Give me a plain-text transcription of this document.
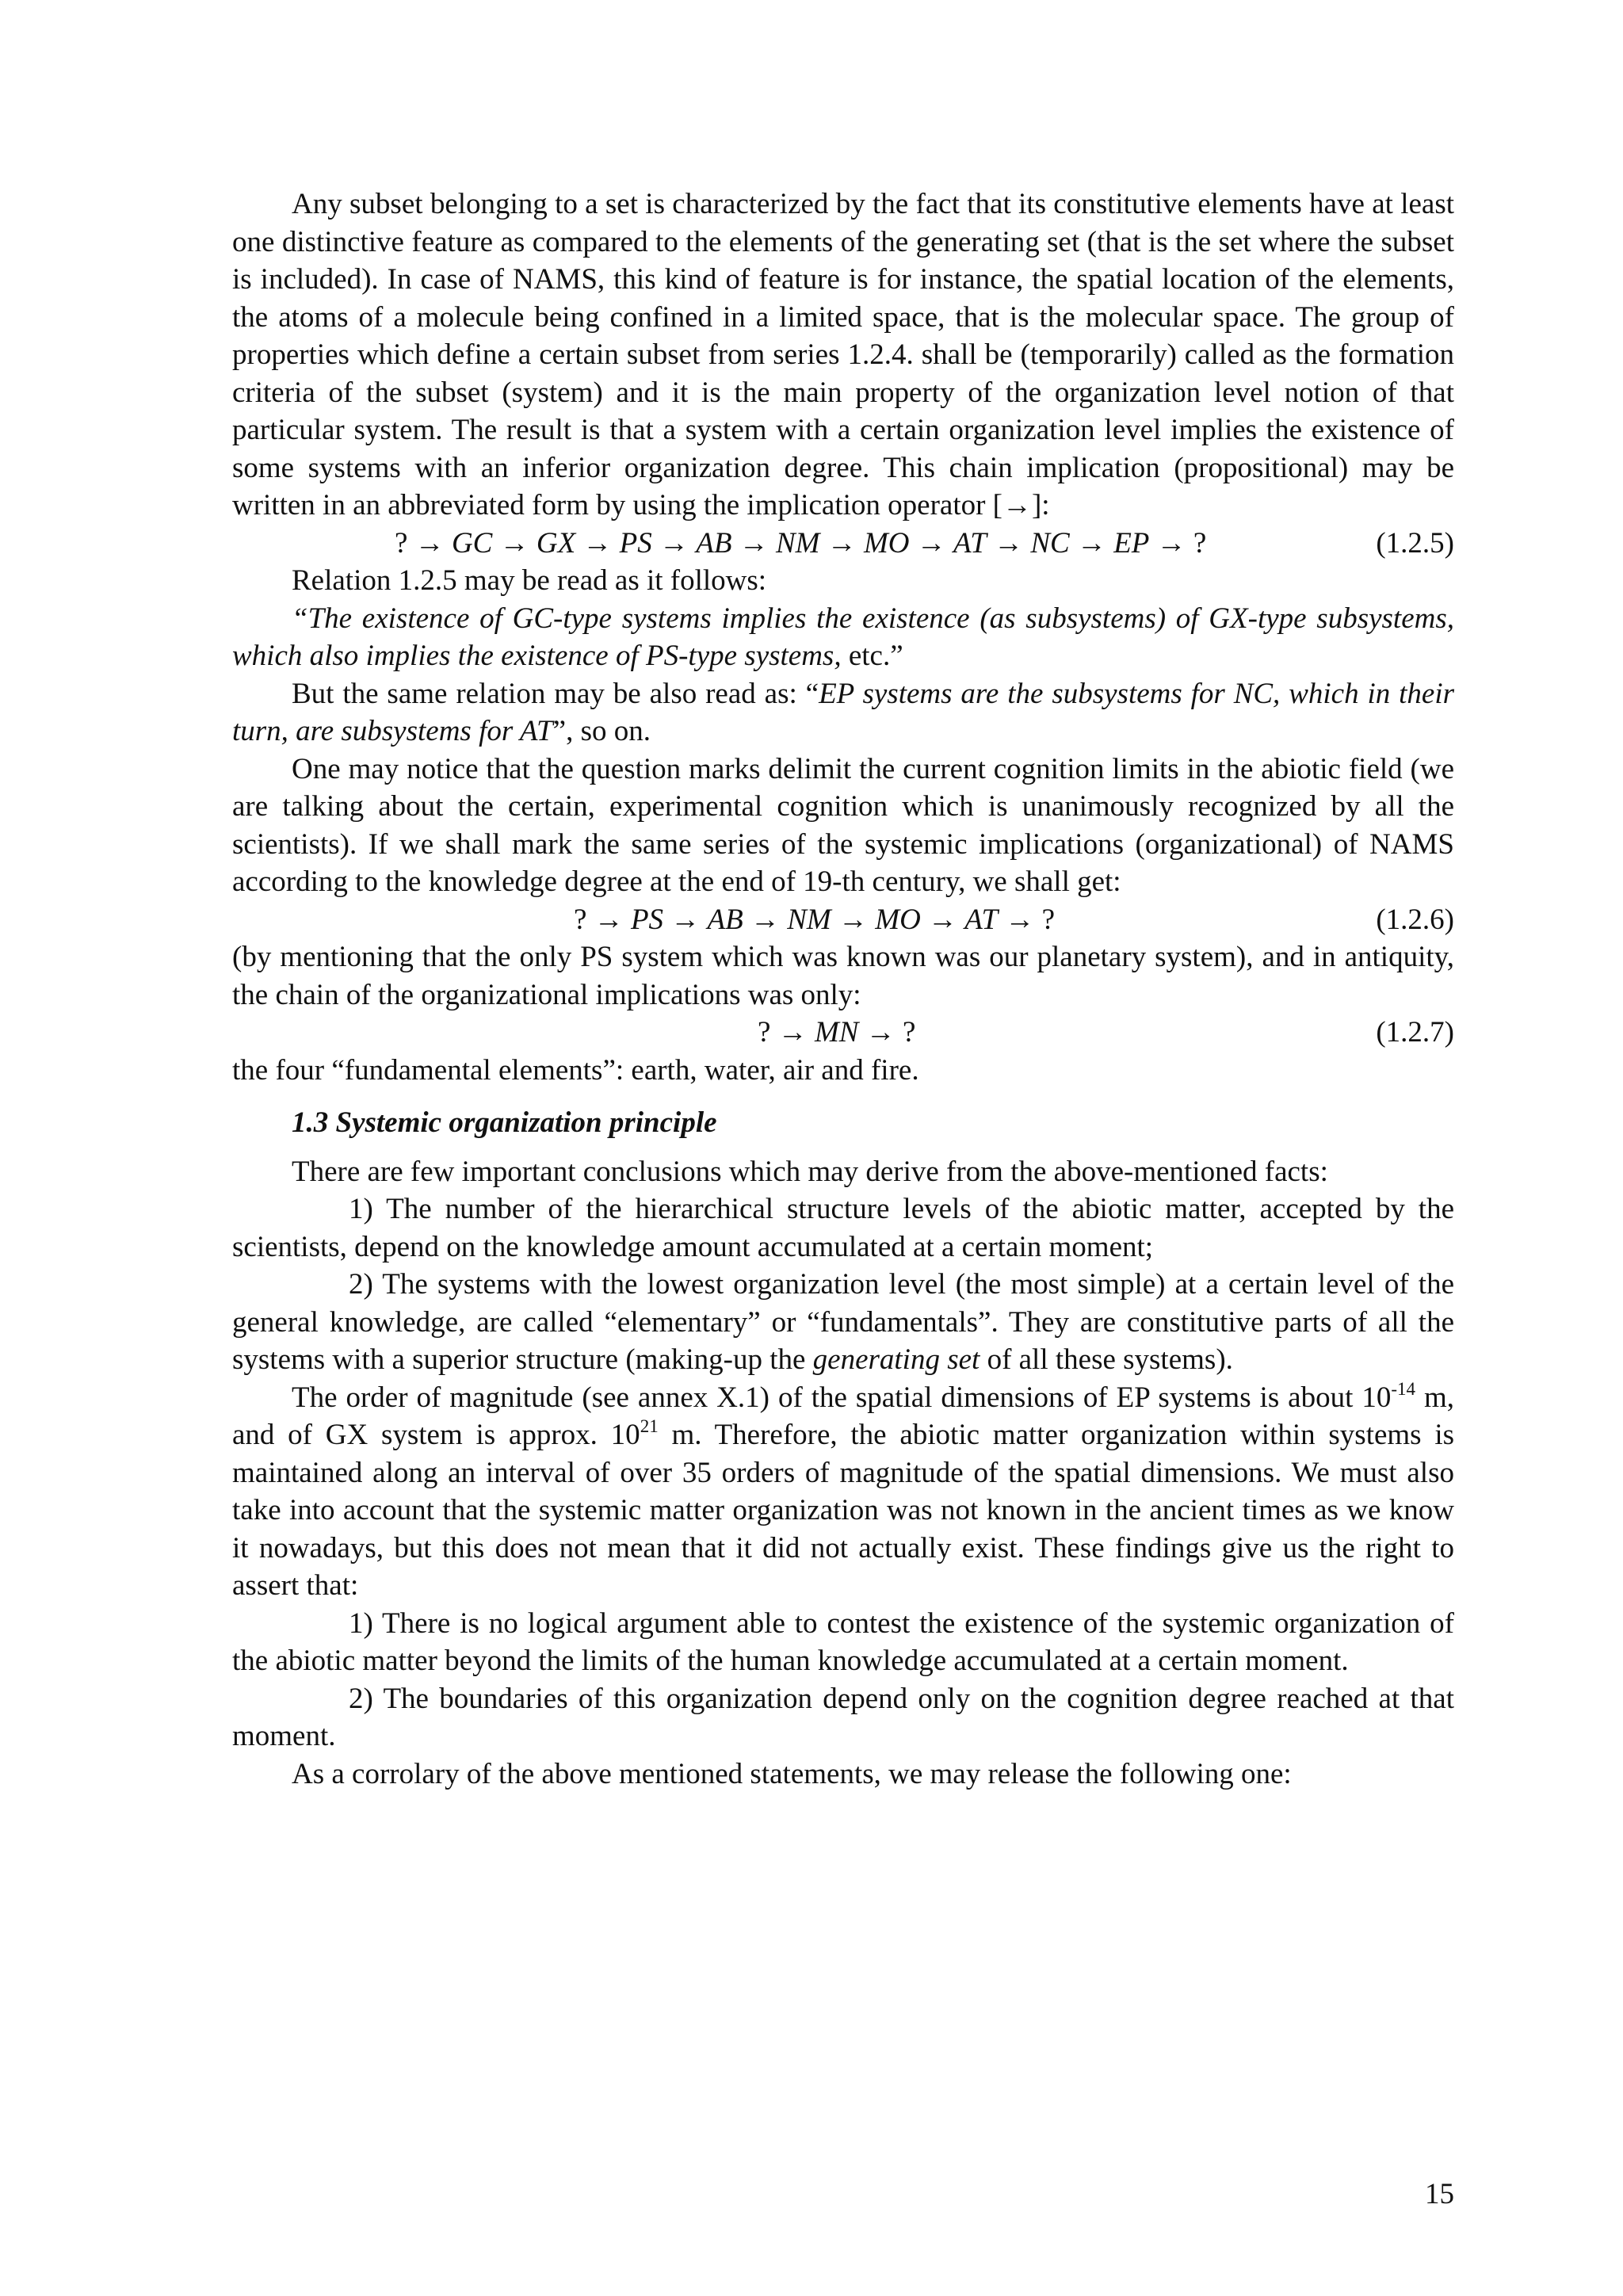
Any subset belonging to a set is characterized by the fact that its constitutive elements have at least one distinctive feature as compared to the elements of the generating set (that is the set where the subset is included). In case of NAMS, this kind of feature is for instance, the spatial location of the elements, the atoms of a molecule being confined in a limited space, that is the molecular space. The group of properties which define a certain subset from series 1.2.4. shall be (temporarily) called as the formation criteria of the subset (system) and it is the main property of the organization level notion of that particular system. The result is that a system with a certain organization level implies the existence of some systems with an inferior organization degree. This chain implication (propositional) may be written in an abbreviated form by using the implication operator [→]:

? → GC → GX → PS → AB → NM → MO → AT → NC → EP → ?	(1.2.5)

Relation 1.2.5 may be read as it follows:

“The existence of GC-type systems implies the existence (as subsystems) of GX-type subsystems, which also implies the existence of PS-type systems, etc.”

But the same relation may be also read as: “EP systems are the subsystems for NC, which in their turn, are subsystems for AT”, so on.

One may notice that the question marks delimit the current cognition limits in the abiotic field (we are talking about the certain, experimental cognition which is unanimously recognized by all the scientists). If we shall mark the same series of the systemic implications (organizational) of NAMS according to the knowledge degree at the end of 19-th century, we shall get:

? → PS → AB → NM → MO → AT → ?	(1.2.6)

(by mentioning that the only PS system which was known was our planetary system), and in antiquity, the chain of the organizational implications was only:

? → MN → ?	(1.2.7)

the four “fundamental elements”: earth, water, air and fire.

1.3 Systemic organization principle

There are few important conclusions which may derive from the above-mentioned facts:

1) The number of the hierarchical structure levels of the abiotic matter, accepted by the scientists, depend on the knowledge amount accumulated at a certain moment;

2) The systems with the lowest organization level (the most simple) at a certain level of the general knowledge, are called “elementary” or “fundamentals”. They are constitutive parts of all the systems with a superior structure (making-up the generating set of all these systems).

The order of magnitude (see annex X.1) of the spatial dimensions of EP systems is about $10^{-14}$ m, and of GX system is approx. $10^{21}$ m. Therefore, the abiotic matter organization within systems is maintained along an interval of over 35 orders of magnitude of the spatial dimensions. We must also take into account that the systemic matter organization was not known in the ancient times as we know it nowadays, but this does not mean that it did not actually exist. These findings give us the right to assert that:

1) There is no logical argument able to contest the existence of the systemic organization of the abiotic matter beyond the limits of the human knowledge accumulated at a certain moment.

2) The boundaries of this organization depend only on the cognition degree reached at that moment.

As a corrolary of the above mentioned statements, we may release the following one:

15
